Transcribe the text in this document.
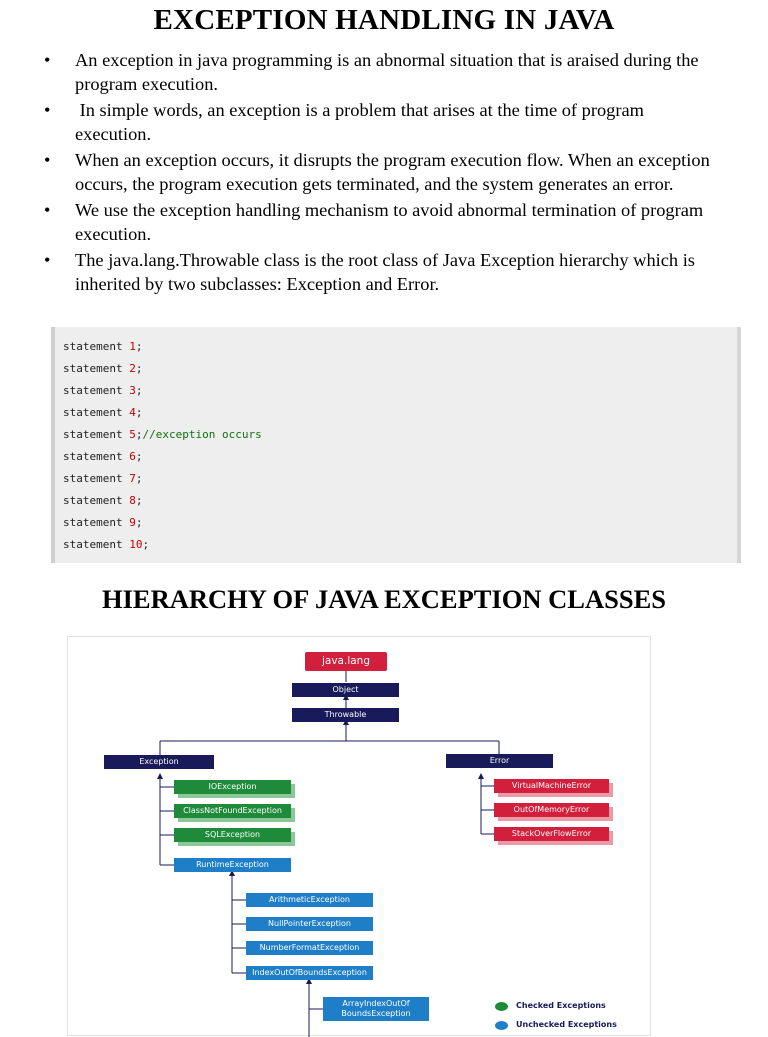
EXCEPTION HANDLING IN JAVA
• An exception in java programming is an abnormal situation that is araised during the program execution.
• In simple words, an exception is a problem that arises at the time of program execution.
• When an exception occurs, it disrupts the program execution flow. When an exception occurs, the program execution gets terminated, and the system generates an error.
• We use the exception handling mechanism to avoid abnormal termination of program execution.
• The java.lang.Throwable class is the root class of Java Exception hierarchy which is inherited by two subclasses: Exception and Error.
statement 1;
statement 2;
statement 3;
statement 4;
statement 5;//exception occurs
statement 6;
statement 7;
statement 8;
statement 9;
statement 10;
HIERARCHY OF JAVA EXCEPTION CLASSES
java.lang
Object
Throwable
Exception	Error
IOException
ClassNotFoundException
SQLException
RuntimeException
VirtualMachineError
OutOfMemoryError
StackOverFlowError
ArithmeticException
NullPointerException
NumberFormatException
IndexOutOfBoundsException
ArrayIndexOutOf
BoundsException
Checked Exceptions
Unchecked Exceptions
